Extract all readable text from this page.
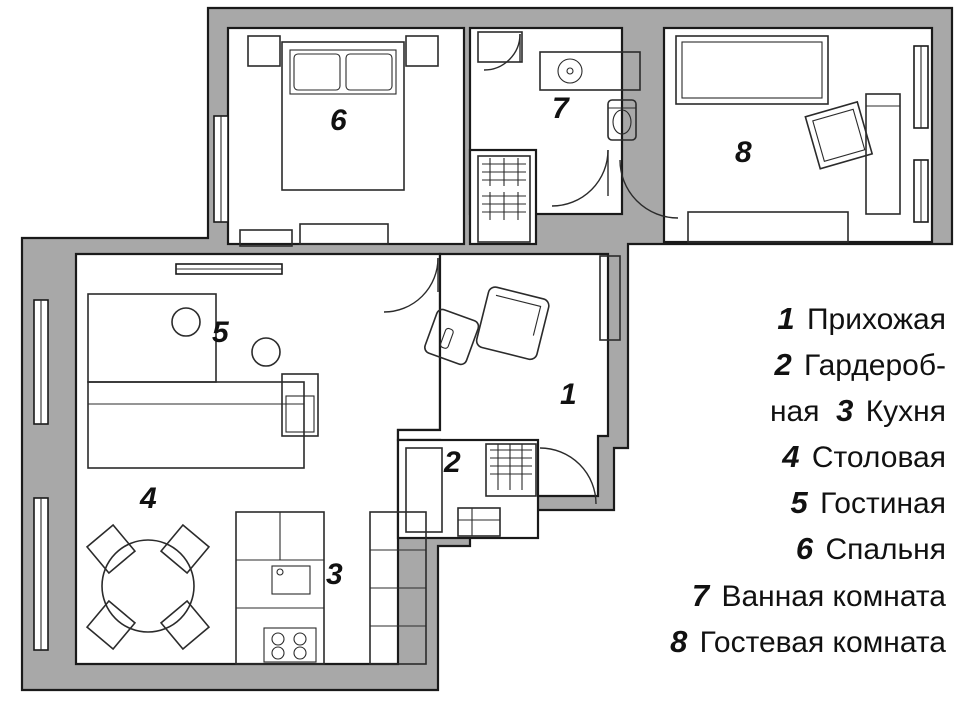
1
2
3
4
5
6	7
8
1 Прихожая
2 Гардероб-
ная 3 Кухня
4 Столовая
5 Гостиная
6 Спальня
7 Ванная комната
8 Гостевая комната
